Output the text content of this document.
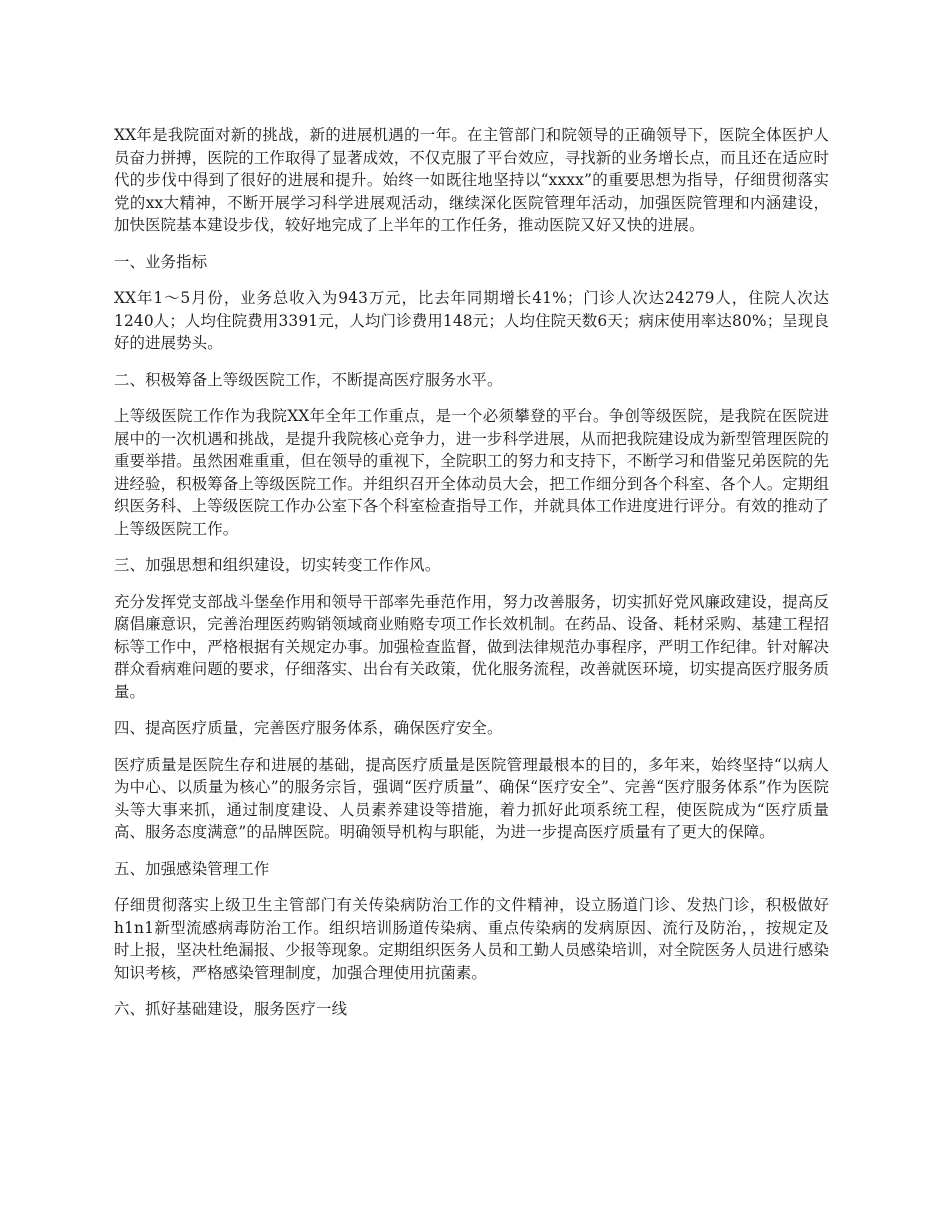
XX年是我院面对新的挑战，新的进展机遇的一年。在主管部门和院领导的正确领导下，医院全体医护人员奋力拼搏，医院的工作取得了显著成效，不仅克服了平台效应，寻找新的业务增长点，而且还在适应时代的步伐中得到了很好的进展和提升。始终一如既往地坚持以“xxxx”的重要思想为指导，仔细贯彻落实党的xx大精神，不断开展学习科学进展观活动，继续深化医院管理年活动，加强医院管理和内涵建设，加快医院基本建设步伐，较好地完成了上半年的工作任务，推动医院又好又快的进展。

一、业务指标

XX年1～5月份，业务总收入为943万元，比去年同期增长41%；门诊人次达24279人，住院人次达1240人；人均住院费用3391元，人均门诊费用148元；人均住院天数6天；病床使用率达80%；呈现良好的进展势头。

二、积极筹备上等级医院工作，不断提高医疗服务水平。

上等级医院工作作为我院XX年全年工作重点，是一个必须攀登的平台。争创等级医院，是我院在医院进展中的一次机遇和挑战，是提升我院核心竞争力，进一步科学进展，从而把我院建设成为新型管理医院的重要举措。虽然困难重重，但在领导的重视下，全院职工的努力和支持下，不断学习和借鉴兄弟医院的先进经验，积极筹备上等级医院工作。并组织召开全体动员大会，把工作细分到各个科室、各个人。定期组织医务科、上等级医院工作办公室下各个科室检查指导工作，并就具体工作进度进行评分。有效的推动了上等级医院工作。

三、加强思想和组织建设，切实转变工作作风。

充分发挥党支部战斗堡垒作用和领导干部率先垂范作用，努力改善服务，切实抓好党风廉政建设，提高反腐倡廉意识，完善治理医药购销领域商业贿赂专项工作长效机制。在药品、设备、耗材采购、基建工程招标等工作中，严格根据有关规定办事。加强检查监督，做到法律规范办事程序，严明工作纪律。针对解决群众看病难问题的要求，仔细落实、出台有关政策，优化服务流程，改善就医环境，切实提高医疗服务质量。

四、提高医疗质量，完善医疗服务体系，确保医疗安全。

医疗质量是医院生存和进展的基础，提高医疗质量是医院管理最根本的目的，多年来，始终坚持“以病人为中心、以质量为核心”的服务宗旨，强调“医疗质量”、确保“医疗安全”、完善“医疗服务体系”作为医院头等大事来抓，通过制度建设、人员素养建设等措施，着力抓好此项系统工程，使医院成为“医疗质量高、服务态度满意”的品牌医院。明确领导机构与职能，为进一步提高医疗质量有了更大的保障。

五、加强感染管理工作

仔细贯彻落实上级卫生主管部门有关传染病防治工作的文件精神，设立肠道门诊、发热门诊，积极做好h1n1新型流感病毒防治工作。组织培训肠道传染病、重点传染病的发病原因、流行及防治，，按规定及时上报，坚决杜绝漏报、少报等现象。定期组织医务人员和工勤人员感染培训，对全院医务人员进行感染知识考核，严格感染管理制度，加强合理使用抗菌素。

六、抓好基础建设，服务医疗一线
